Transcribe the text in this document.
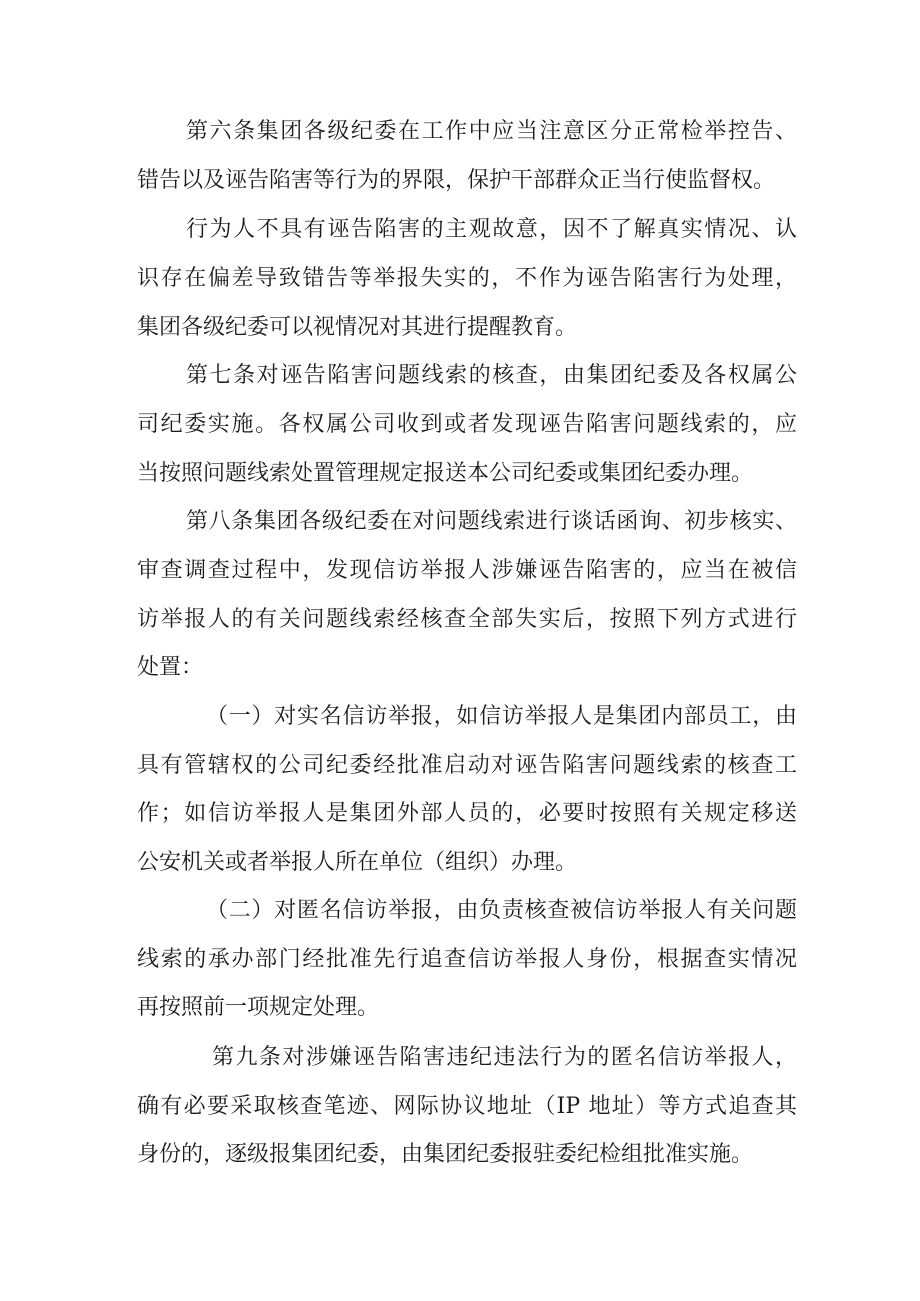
第六条集团各级纪委在工作中应当注意区分正常检举控告、
错告以及诬告陷害等行为的界限，保护干部群众正当行使监督权。
行为人不具有诬告陷害的主观故意，因不了解真实情况、认
识存在偏差导致错告等举报失实的，不作为诬告陷害行为处理，
集团各级纪委可以视情况对其进行提醒教育。
第七条对诬告陷害问题线索的核查，由集团纪委及各权属公
司纪委实施。各权属公司收到或者发现诬告陷害问题线索的，应
当按照问题线索处置管理规定报送本公司纪委或集团纪委办理。
第八条集团各级纪委在对问题线索进行谈话函询、初步核实、
审查调查过程中，发现信访举报人涉嫌诬告陷害的，应当在被信
访举报人的有关问题线索经核查全部失实后，按照下列方式进行
处置：
（一）对实名信访举报，如信访举报人是集团内部员工，由
具有管辖权的公司纪委经批准启动对诬告陷害问题线索的核查工
作；如信访举报人是集团外部人员的，必要时按照有关规定移送
公安机关或者举报人所在单位（组织）办理。
（二）对匿名信访举报，由负责核查被信访举报人有关问题
线索的承办部门经批准先行追查信访举报人身份，根据查实情况
再按照前一项规定处理。
第九条对涉嫌诬告陷害违纪违法行为的匿名信访举报人，
确有必要采取核查笔迹、网际协议地址（IP 地址）等方式追查其
身份的，逐级报集团纪委，由集团纪委报驻委纪检组批准实施。
